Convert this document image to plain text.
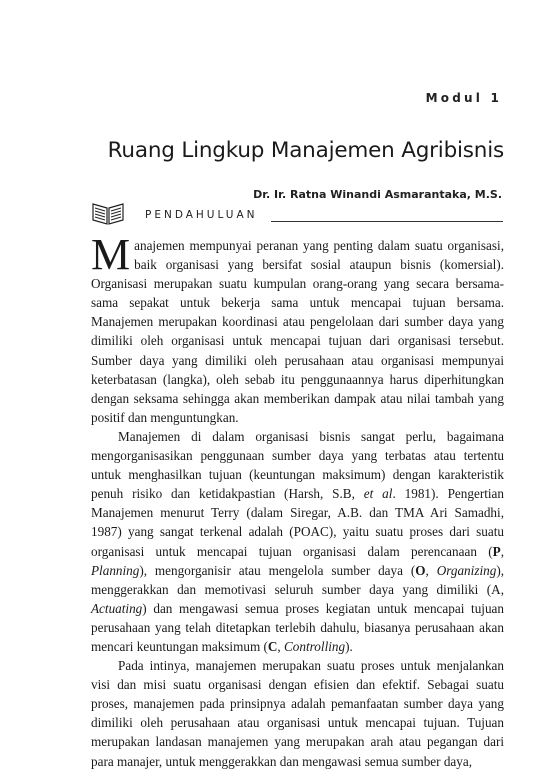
Modul 1
Ruang Lingkup Manajemen Agribisnis
Dr. Ir. Ratna Winandi Asmarantaka, M.S.
PENDAHULUAN

Manajemen mempunyai peranan yang penting dalam suatu organisasi, baik organisasi yang bersifat sosial ataupun bisnis (komersial). Organisasi merupakan suatu kumpulan orang-orang yang secara bersama-sama sepakat untuk bekerja sama untuk mencapai tujuan bersama. Manajemen merupakan koordinasi atau pengelolaan dari sumber daya yang dimiliki oleh organisasi untuk mencapai tujuan dari organisasi tersebut. Sumber daya yang dimiliki oleh perusahaan atau organisasi mempunyai keterbatasan (langka), oleh sebab itu penggunaannya harus diperhitungkan dengan seksama sehingga akan memberikan dampak atau nilai tambah yang positif dan menguntungkan.

Manajemen di dalam organisasi bisnis sangat perlu, bagaimana mengorganisasikan penggunaan sumber daya yang terbatas atau tertentu untuk menghasilkan tujuan (keuntungan maksimum) dengan karakteristik penuh risiko dan ketidakpastian (Harsh, S.B, et al. 1981). Pengertian Manajemen menurut Terry (dalam Siregar, A.B. dan TMA Ari Samadhi, 1987) yang sangat terkenal adalah (POAC), yaitu suatu proses dari suatu organisasi untuk mencapai tujuan organisasi dalam perencanaan (P, Planning), mengorganisir atau mengelola sumber daya (O, Organizing), menggerakkan dan memotivasi seluruh sumber daya yang dimiliki (A, Actuating) dan mengawasi semua proses kegiatan untuk mencapai tujuan perusahaan yang telah ditetapkan terlebih dahulu, biasanya perusahaan akan mencari keuntungan maksimum (C, Controlling).

Pada intinya, manajemen merupakan suatu proses untuk menjalankan visi dan misi suatu organisasi dengan efisien dan efektif. Sebagai suatu proses, manajemen pada prinsipnya adalah pemanfaatan sumber daya yang dimiliki oleh perusahaan atau organisasi untuk mencapai tujuan. Tujuan merupakan landasan manajemen yang merupakan arah atau pegangan dari para manajer, untuk menggerakkan dan mengawasi semua sumber daya,
